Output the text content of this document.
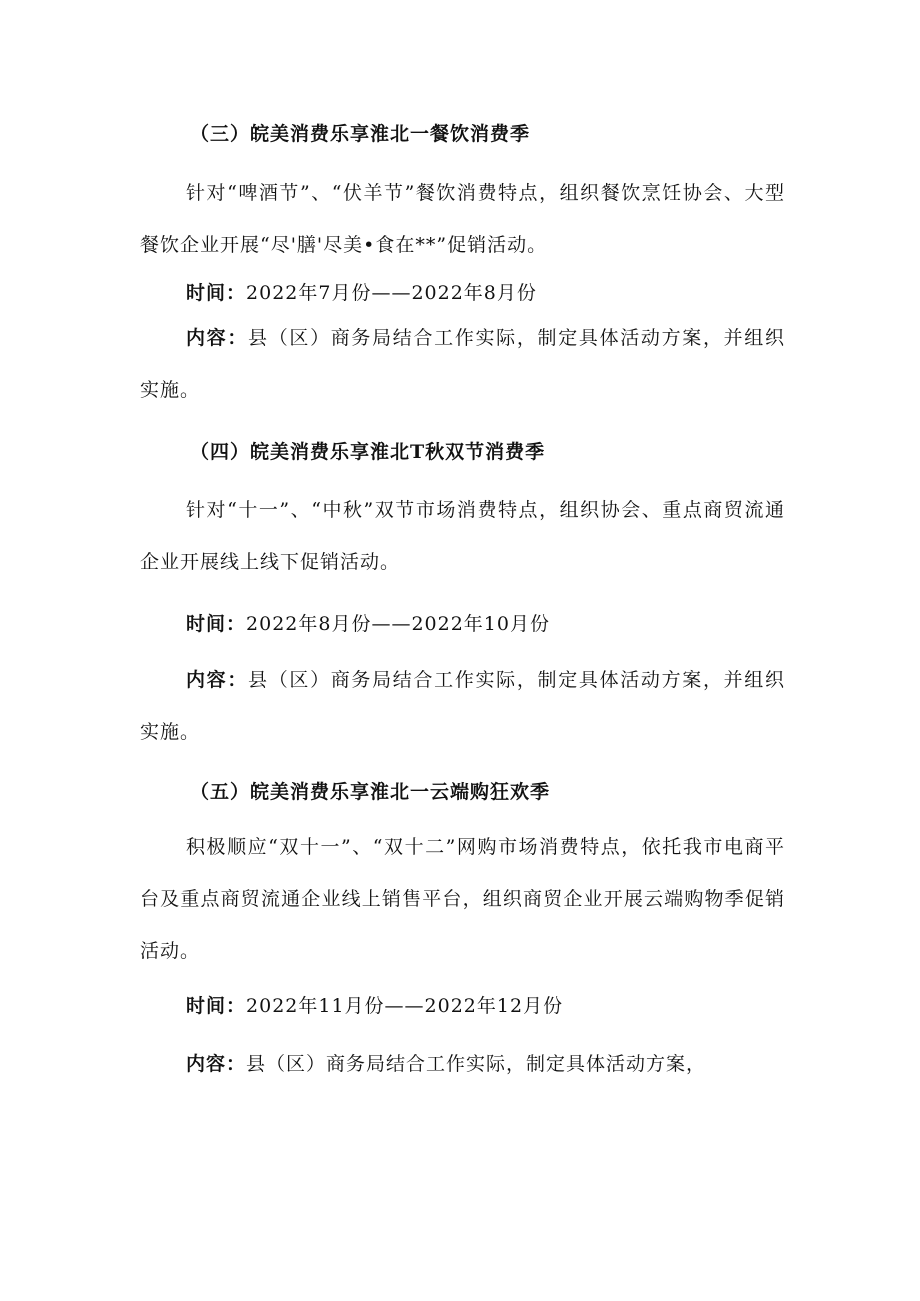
（三）皖美消费乐享淮北一餐饮消费季
针对“啤酒节”、“伏羊节”餐饮消费特点，组织餐饮烹饪协会、大型餐饮企业开展“尽'膳'尽美•食在**”促销活动。
时间：2022年7月份——2022年8月份
内容：县（区）商务局结合工作实际，制定具体活动方案，并组织实施。
（四）皖美消费乐享淮北T秋双节消费季
针对“十一”、“中秋”双节市场消费特点，组织协会、重点商贸流通企业开展线上线下促销活动。
时间：2022年8月份——2022年10月份
内容：县（区）商务局结合工作实际，制定具体活动方案，并组织实施。
（五）皖美消费乐享淮北一云端购狂欢季
积极顺应“双十一”、“双十二”网购市场消费特点，依托我市电商平台及重点商贸流通企业线上销售平台，组织商贸企业开展云端购物季促销活动。
时间：2022年11月份——2022年12月份
内容：县（区）商务局结合工作实际，制定具体活动方案，
